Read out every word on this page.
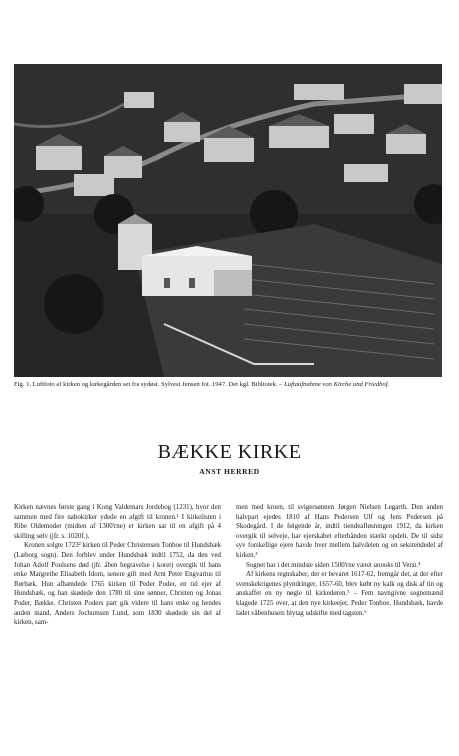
Fig. 1. Luftfoto af kirken og kirkegården set fra sydøst. Sylvest Jensen fot. 1947. Det kgl. Bibliotek. – Luftaufnahme von Kirche und Friedhof.
BÆKKE KIRKE
ANST HERRED

Kirken nævnes første gang i Kong Valdemars Jordebog (1231), hvor den sammen med fire nabokirker ydede en afgift til kronen.¹ I kirkelisten i Ribe Oldemoder (midten af 1300'rne) er kirken sat til en afgift på 4 skilling sølv (jfr. s. 1020f.).

Kronen solgte 1723² kirken til Peder Christensen Tonboe til Hundsbæk (Læborg sogn). Den forblev under Hundsbæk indtil 1752, da den ved Johan Adolf Poulsens død (jfr. åben begravelse i koret) overgik til hans enke Margrethe Elisabeth Idom, senere gift med Arnt Peter Engvarius til Rørbæk. Hun afhændede 1765 kirken til Peder Poder, en tid ejer af Hundsbæk, og han skødede den 1780 til sine sønner, Christen og Jonas Poder, Bække. Christen Poders part gik videre til hans enke og hendes anden mand, Anders Jochumsen Lund, som 1830 skødede sin del af kirken, sam-

men med kroen, til svigersønnen Jørgen Nielsen Legarth. Den anden halvpart ejedes 1810 af Hans Pedersen Ulf og Jens Pedersen på Skodegård. I de følgende år, indtil tiendeafløsningen 1912, da kirken overgik til selveje, har ejerskabet efterhånden stærkt opdelt. De til sidst syv forskellige ejere havde hver mellem halvdelen og en sekstendedel af kirken.³

Sognet har i det mindste siden 1500'rne været annoks til Verst.⁴

Af kirkens regnskaber, der er bevaret 1617-62, fremgår det, at der efter svenskekrigenes plyndringer, 1657-60, blev købt ny kalk og disk af tin og anskaffet en ny nøgle til kirkedøren.⁵ – Fem navngivne sognemænd klagede 1725 over, at den nye kirkeejer, Peder Tonboe, Hundsbæk, havde ladet våbenhusets blytag udskifte med tagsten.⁶
